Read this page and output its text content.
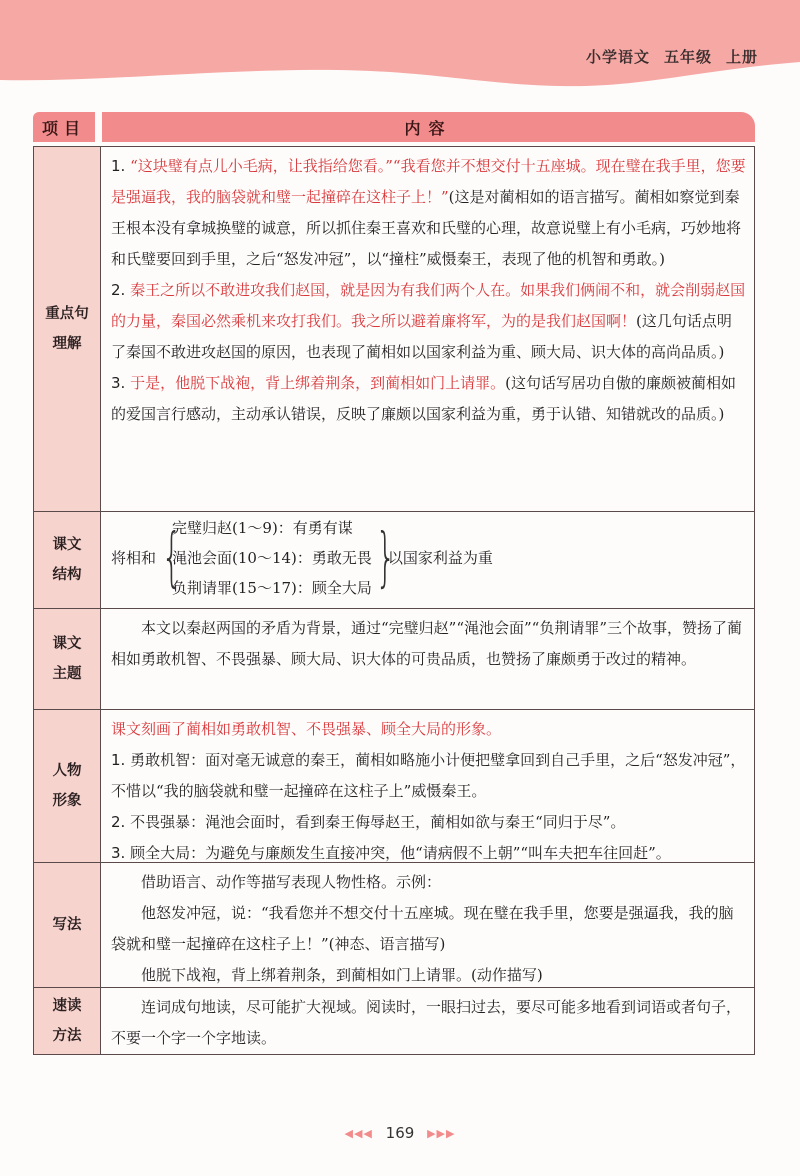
小学语文 五年级 上册
项目	内容
重点句
理解
1. “这块璧有点儿小毛病，让我指给您看。”“我看您并不想交付十五座城。现在璧在我手里，您要是强逼我，我的脑袋就和璧一起撞碎在这柱子上！”(这是对蔺相如的语言描写。蔺相如察觉到秦王根本没有拿城换璧的诚意，所以抓住秦王喜欢和氏璧的心理，故意说璧上有小毛病，巧妙地将和氏璧要回到手里，之后“怒发冲冠”，以“撞柱”威慑秦王，表现了他的机智和勇敢。)
2. 秦王之所以不敢进攻我们赵国，就是因为有我们两个人在。如果我们俩闹不和，就会削弱赵国的力量，秦国必然乘机来攻打我们。我之所以避着廉将军，为的是我们赵国啊！(这几句话点明了秦国不敢进攻赵国的原因，也表现了蔺相如以国家利益为重、顾大局、识大体的高尚品质。)
3. 于是，他脱下战袍，背上绑着荆条，到蔺相如门上请罪。(这句话写居功自傲的廉颇被蔺相如的爱国言行感动，主动承认错误，反映了廉颇以国家利益为重，勇于认错、知错就改的品质。)
课文
结构
将相和 {
完璧归赵(1～9)：有勇有谋
渑池会面(10～14)：勇敢无畏
负荆请罪(15～17)：顾全大局 }
以国家利益为重
课文
主题
本文以秦赵两国的矛盾为背景，通过“完璧归赵”“渑池会面”“负荆请罪”三个故事，赞扬了蔺相如勇敢机智、不畏强暴、顾大局、识大体的可贵品质，也赞扬了廉颇勇于改过的精神。
人物
形象
课文刻画了蔺相如勇敢机智、不畏强暴、顾全大局的形象。
1. 勇敢机智：面对毫无诚意的秦王，蔺相如略施小计便把璧拿回到自己手里，之后“怒发冲冠”，不惜以“我的脑袋就和璧一起撞碎在这柱子上”威慑秦王。
2. 不畏强暴：渑池会面时，看到秦王侮辱赵王，蔺相如欲与秦王“同归于尽”。
3. 顾全大局：为避免与廉颇发生直接冲突，他“请病假不上朝”“叫车夫把车往回赶”。
写法
借助语言、动作等描写表现人物性格。示例：
他怒发冲冠，说：“我看您并不想交付十五座城。现在璧在我手里，您要是强逼我，我的脑袋就和璧一起撞碎在这柱子上！”(神态、语言描写)
他脱下战袍，背上绑着荆条，到蔺相如门上请罪。(动作描写)
速读
方法
连词成句地读，尽可能扩大视域。阅读时，一眼扫过去，要尽可能多地看到词语或者句子，不要一个字一个字地读。
◀◀◀ 169 ▶▶▶
